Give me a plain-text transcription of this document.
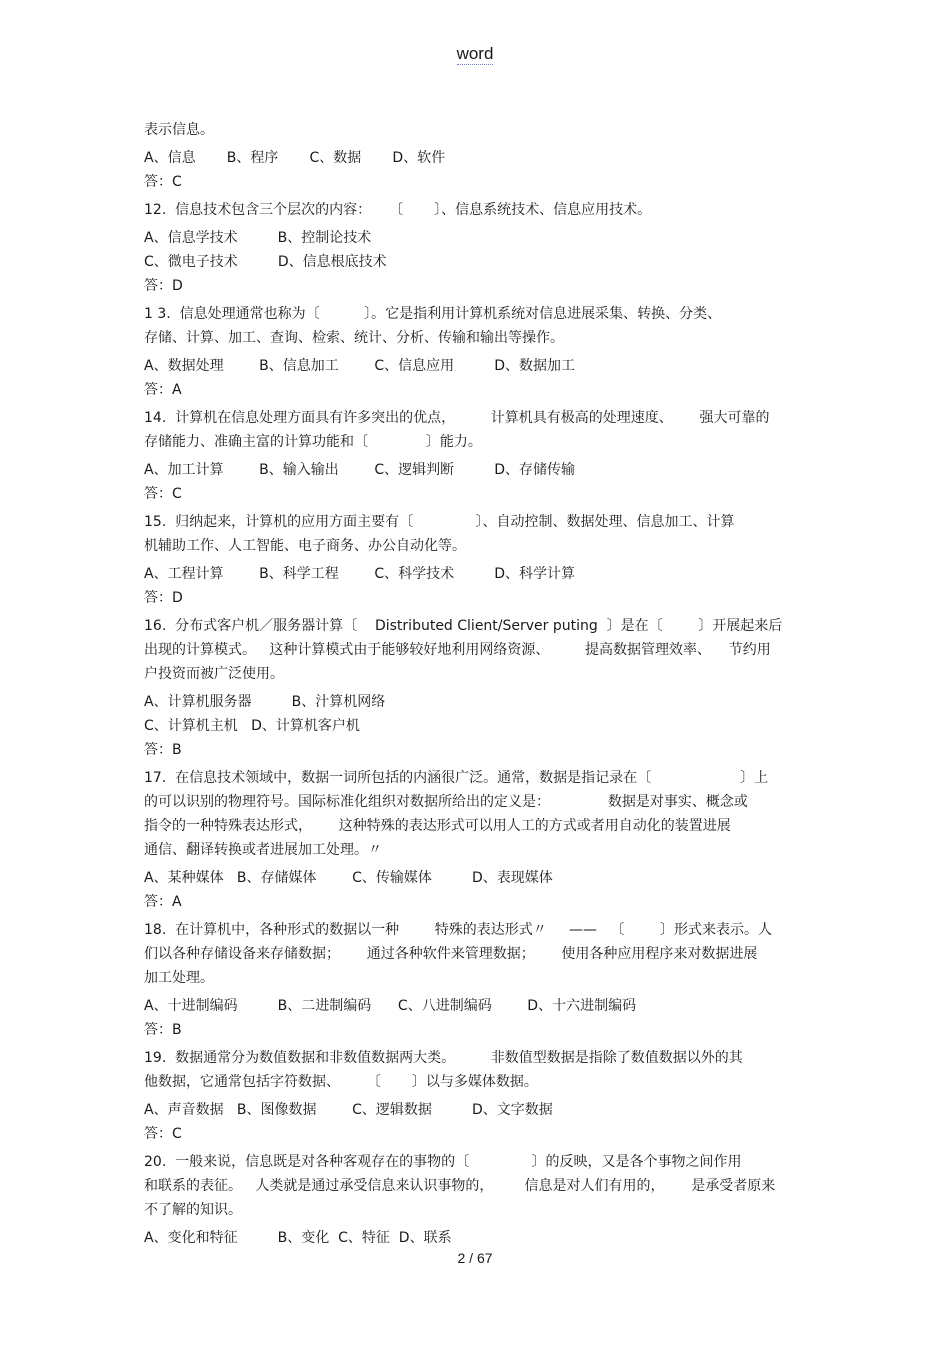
word
表示信息。
A、信息       B、程序       C、数据       D、软件
答：C
12.  信息技术包含三个层次的内容：    〔       〕、信息系统技术、信息应用技术。
A、信息学技术         B、控制论技术
C、微电子技术         D、信息根底技术
答：D
1 3.  信息处理通常也称为〔          〕。它是指利用计算机系统对信息进展采集、转换、分类、
存储、计算、加工、查询、检索、统计、分析、传输和输出等操作。
A、数据处理        B、信息加工        C、信息应用         D、数据加工
答：A
14.  计算机在信息处理方面具有许多突出的优点，        计算机具有极高的处理速度、      强大可靠的
存储能力、准确主富的计算功能和〔             〕能力。
A、加工计算        B、输入输出        C、逻辑判断         D、存储传输
答：C
15.  归纳起来，计算机的应用方面主要有〔              〕、自动控制、数据处理、信息加工、计算
机辅助工作、人工智能、电子商务、办公自动化等。
A、工程计算        B、科学工程        C、科学技术         D、科学计算
答：D
16.  分布式客户机／服务器计算〔    Distributed Client/Server puting  〕是在〔        〕开展起来后
出现的计算模式。   这种计算模式由于能够较好地利用网络资源、        提高数据管理效率、    节约用
户投资而被广泛使用。
A、计算机服务器         B、汁算机网络
C、计算机主机   D、计算机客户机
答：B
17.  在信息技术领域中，数据一词所包括的内涵很广泛。通常，数据是指记录在〔                    〕上
的可以识别的物理符号。国际标准化组织对数据所给出的定义是：             数据是对事实、概念或
指令的一种特殊表达形式，      这种特殊的表达形式可以用人工的方式或者用自动化的装置进展
通信、翻译转换或者进展加工处理。〃
A、某种媒体   B、存储媒体        C、传输媒体         D、表现媒体
答：A
18.  在计算机中，各种形式的数据以一种        特殊的表达形式〃     ——   〔        〕形式来表示。人
们以各种存储设备来存储数据；      通过各种软件来管理数据；      使用各种应用程序来对数据进展
加工处理。
A、十进制编码         B、二进制编码      C、八进制编码        D、十六进制编码
答：B
19.  数据通常分为数值数据和非数值数据两大类。        非数值型数据是指除了数值数据以外的其
他数据，它通常包括字符数据、      〔       〕以与多媒体数据。
A、声音数据   B、图像数据        C、逻辑数据         D、文字数据
答：C
20.  一般来说，信息既是对各种客观存在的事物的〔              〕的反映，又是各个事物之间作用
和联系的表征。   人类就是通过承受信息来认识事物的，       信息是对人们有用的，      是承受者原来
不了解的知识。
A、变化和特征         B、变化  C、特征  D、联系
2 / 67
